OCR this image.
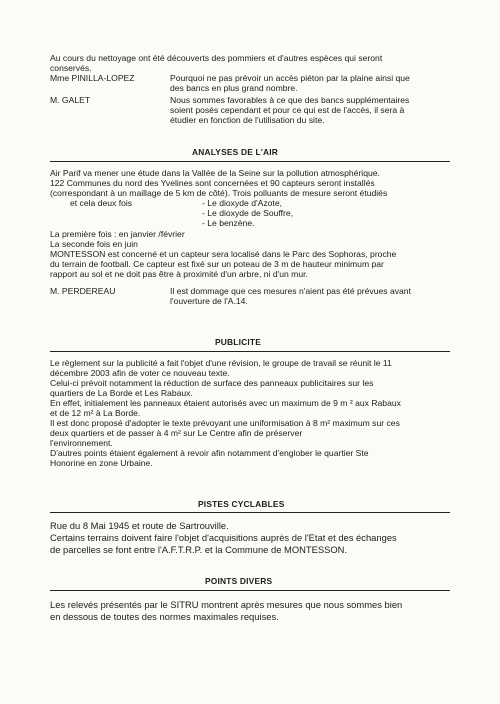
Au cours du nettoyage ont été découverts des pommiers et d'autres espèces qui seront
conservés.
Mme PINILLA-LOPEZ	Pourquoi ne pas prévoir un accès piéton par la plaine ainsi que
des bancs en plus grand nombre.
M. GALET	Nous sommes favorables à ce que des bancs supplémentaires
soient posés cependant et pour ce qui est de l'accès, il sera à
étudier en fonction de l'utilisation du site.
ANALYSES DE L'AIR
Air Parif va mener une étude dans la Vallée de la Seine sur la pollution atmosphérique.
122 Communes du nord des Yvelines sont concernées et 90 capteurs seront installés
(correspondant à un maillage de 5 km de côté). Trois polluants de mesure seront étudiés
et cela deux fois	- Le dioxyde d'Azote,
- Le dioxyde de Souffre,
- Le benzène.
La première fois : en janvier /février
La seconde fois en juin
MONTESSON est concerné et un capteur sera localisé dans le Parc des Sophoras, proche
du terrain de football. Ce capteur est fixé sur un poteau de 3 m de hauteur minimum par
rapport au sol et ne doit pas être à proximité d'un arbre, ni d'un mur.
M. PERDEREAU	Il est dommage que ces mesures n'aient pas été prévues avant
l'ouverture de l'A.14.
PUBLICITE
Le règlement sur la publicité a fait l'objet d'une révision, le groupe de travail se réunit le 11
décembre 2003 afin de voter ce nouveau texte.
Celui-ci prévoit notamment la réduction de surface des panneaux publicitaires sur les
quartiers de La Borde et Les Rabaux.
En effet, initialement les panneaux étaient autorisés avec un maximum de 9 m ² aux Rabaux
et de 12 m² à La Borde.
Il est donc proposé d'adopter le texte prévoyant une uniformisation à 8 m² maximum sur ces
deux quartiers et de passer à 4 m² sur Le Centre afin de préserver
l'environnement.
D'autres points étaient également à revoir afin notamment d'englober le quartier Ste
Honorine en zone Urbaine.
PISTES CYCLABLES
Rue du 8 Mai 1945 et route de Sartrouville.
Certains terrains doivent faire l'objet d'acquisitions auprès de l'Etat et des échanges
de parcelles se font entre l'A.F.T.R.P. et la Commune de MONTESSON.
POINTS DIVERS
Les relevés présentés par le SITRU montrent après mesures que nous sommes bien
en dessous de toutes des normes maximales requises.
